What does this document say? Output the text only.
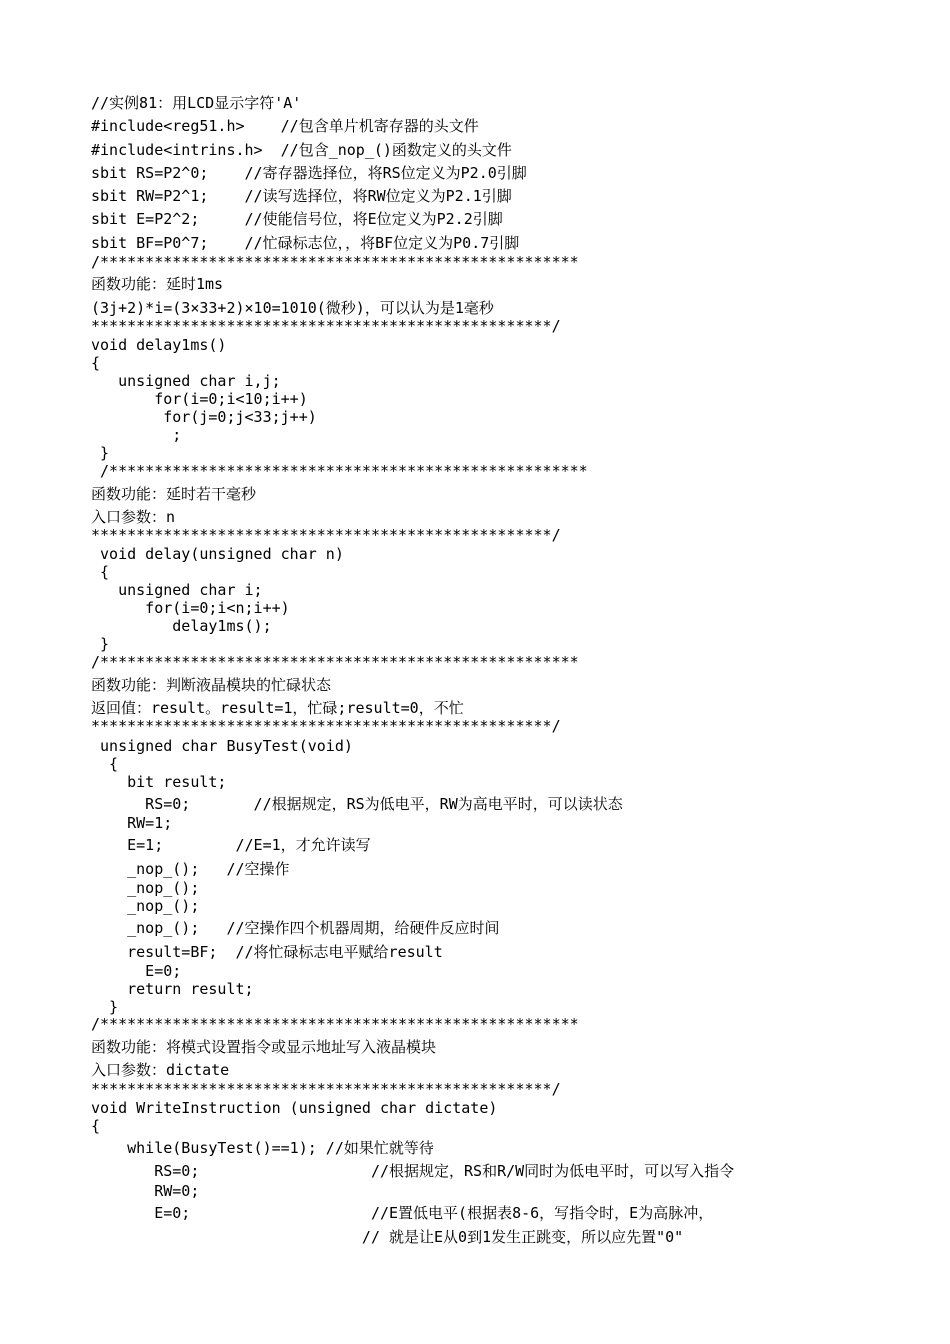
//实例81：用LCD显示字符'A'
#include<reg51.h>    //包含单片机寄存器的头文件
#include<intrins.h>  //包含_nop_()函数定义的头文件
sbit RS=P2^0;    //寄存器选择位，将RS位定义为P2.0引脚
sbit RW=P2^1;    //读写选择位，将RW位定义为P2.1引脚
sbit E=P2^2;     //使能信号位，将E位定义为P2.2引脚
sbit BF=P0^7;    //忙碌标志位，，将BF位定义为P0.7引脚
/*****************************************************
函数功能：延时1ms
(3j+2)*i=(3×33+2)×10=1010(微秒)，可以认为是1毫秒
***************************************************/
void delay1ms()
{
unsigned char i,j;
for(i=0;i<10;i++)
for(j=0;j<33;j++)
;
}
/*****************************************************
函数功能：延时若干毫秒
入口参数：n
***************************************************/
void delay(unsigned char n)
{
unsigned char i;
for(i=0;i<n;i++)
delay1ms();
}
/*****************************************************
函数功能：判断液晶模块的忙碌状态
返回值：result。result=1，忙碌;result=0，不忙
***************************************************/
unsigned char BusyTest(void)
{
bit result;
RS=0;       //根据规定，RS为低电平，RW为高电平时，可以读状态
RW=1;
E=1;        //E=1，才允许读写
_nop_();   //空操作
_nop_();
_nop_();
_nop_();   //空操作四个机器周期，给硬件反应时间
result=BF;  //将忙碌标志电平赋给result
E=0;
return result;
}
/*****************************************************
函数功能：将模式设置指令或显示地址写入液晶模块
入口参数：dictate
***************************************************/
void WriteInstruction (unsigned char dictate)
{
while(BusyTest()==1); //如果忙就等待
RS=0;                   //根据规定，RS和R/W同时为低电平时，可以写入指令
RW=0;
E=0;                    //E置低电平(根据表8-6，写指令时，E为高脉冲，
// 就是让E从0到1发生正跳变，所以应先置"0"
